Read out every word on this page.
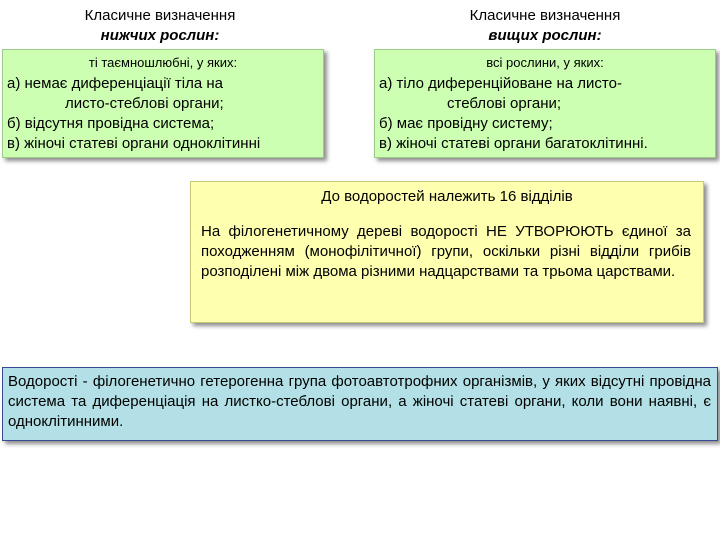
Класичне визначення
нижчих рослин:
Класичне визначення
вищих рослин:
ті таємношлюбні, у яких:
а) немає диференціації тіла на
листо-стеблові органи;
б) відсутня провідна система;
в) жіночі статеві органи одноклітинні
всі рослини, у яких:
а) тіло диференційоване на листо-
стеблові органи;
б) має провідну систему;
в) жіночі статеві органи багатоклітинні.
До водоростей належить 16 відділів
На філогенетичному дереві водорості НЕ УТВОРЮЮТЬ єдиної за походженням (монофілітичної) групи, оскільки різні відділи грибів розподілені між двома різними надцарствами та трьома царствами.
Водорості - філогенетично гетерогенна група фотоавтотрофних організмів, у яких відсутні провідна система та диференціація на листко-стеблові органи, а жіночі статеві органи, коли вони наявні, є одноклітинними.
